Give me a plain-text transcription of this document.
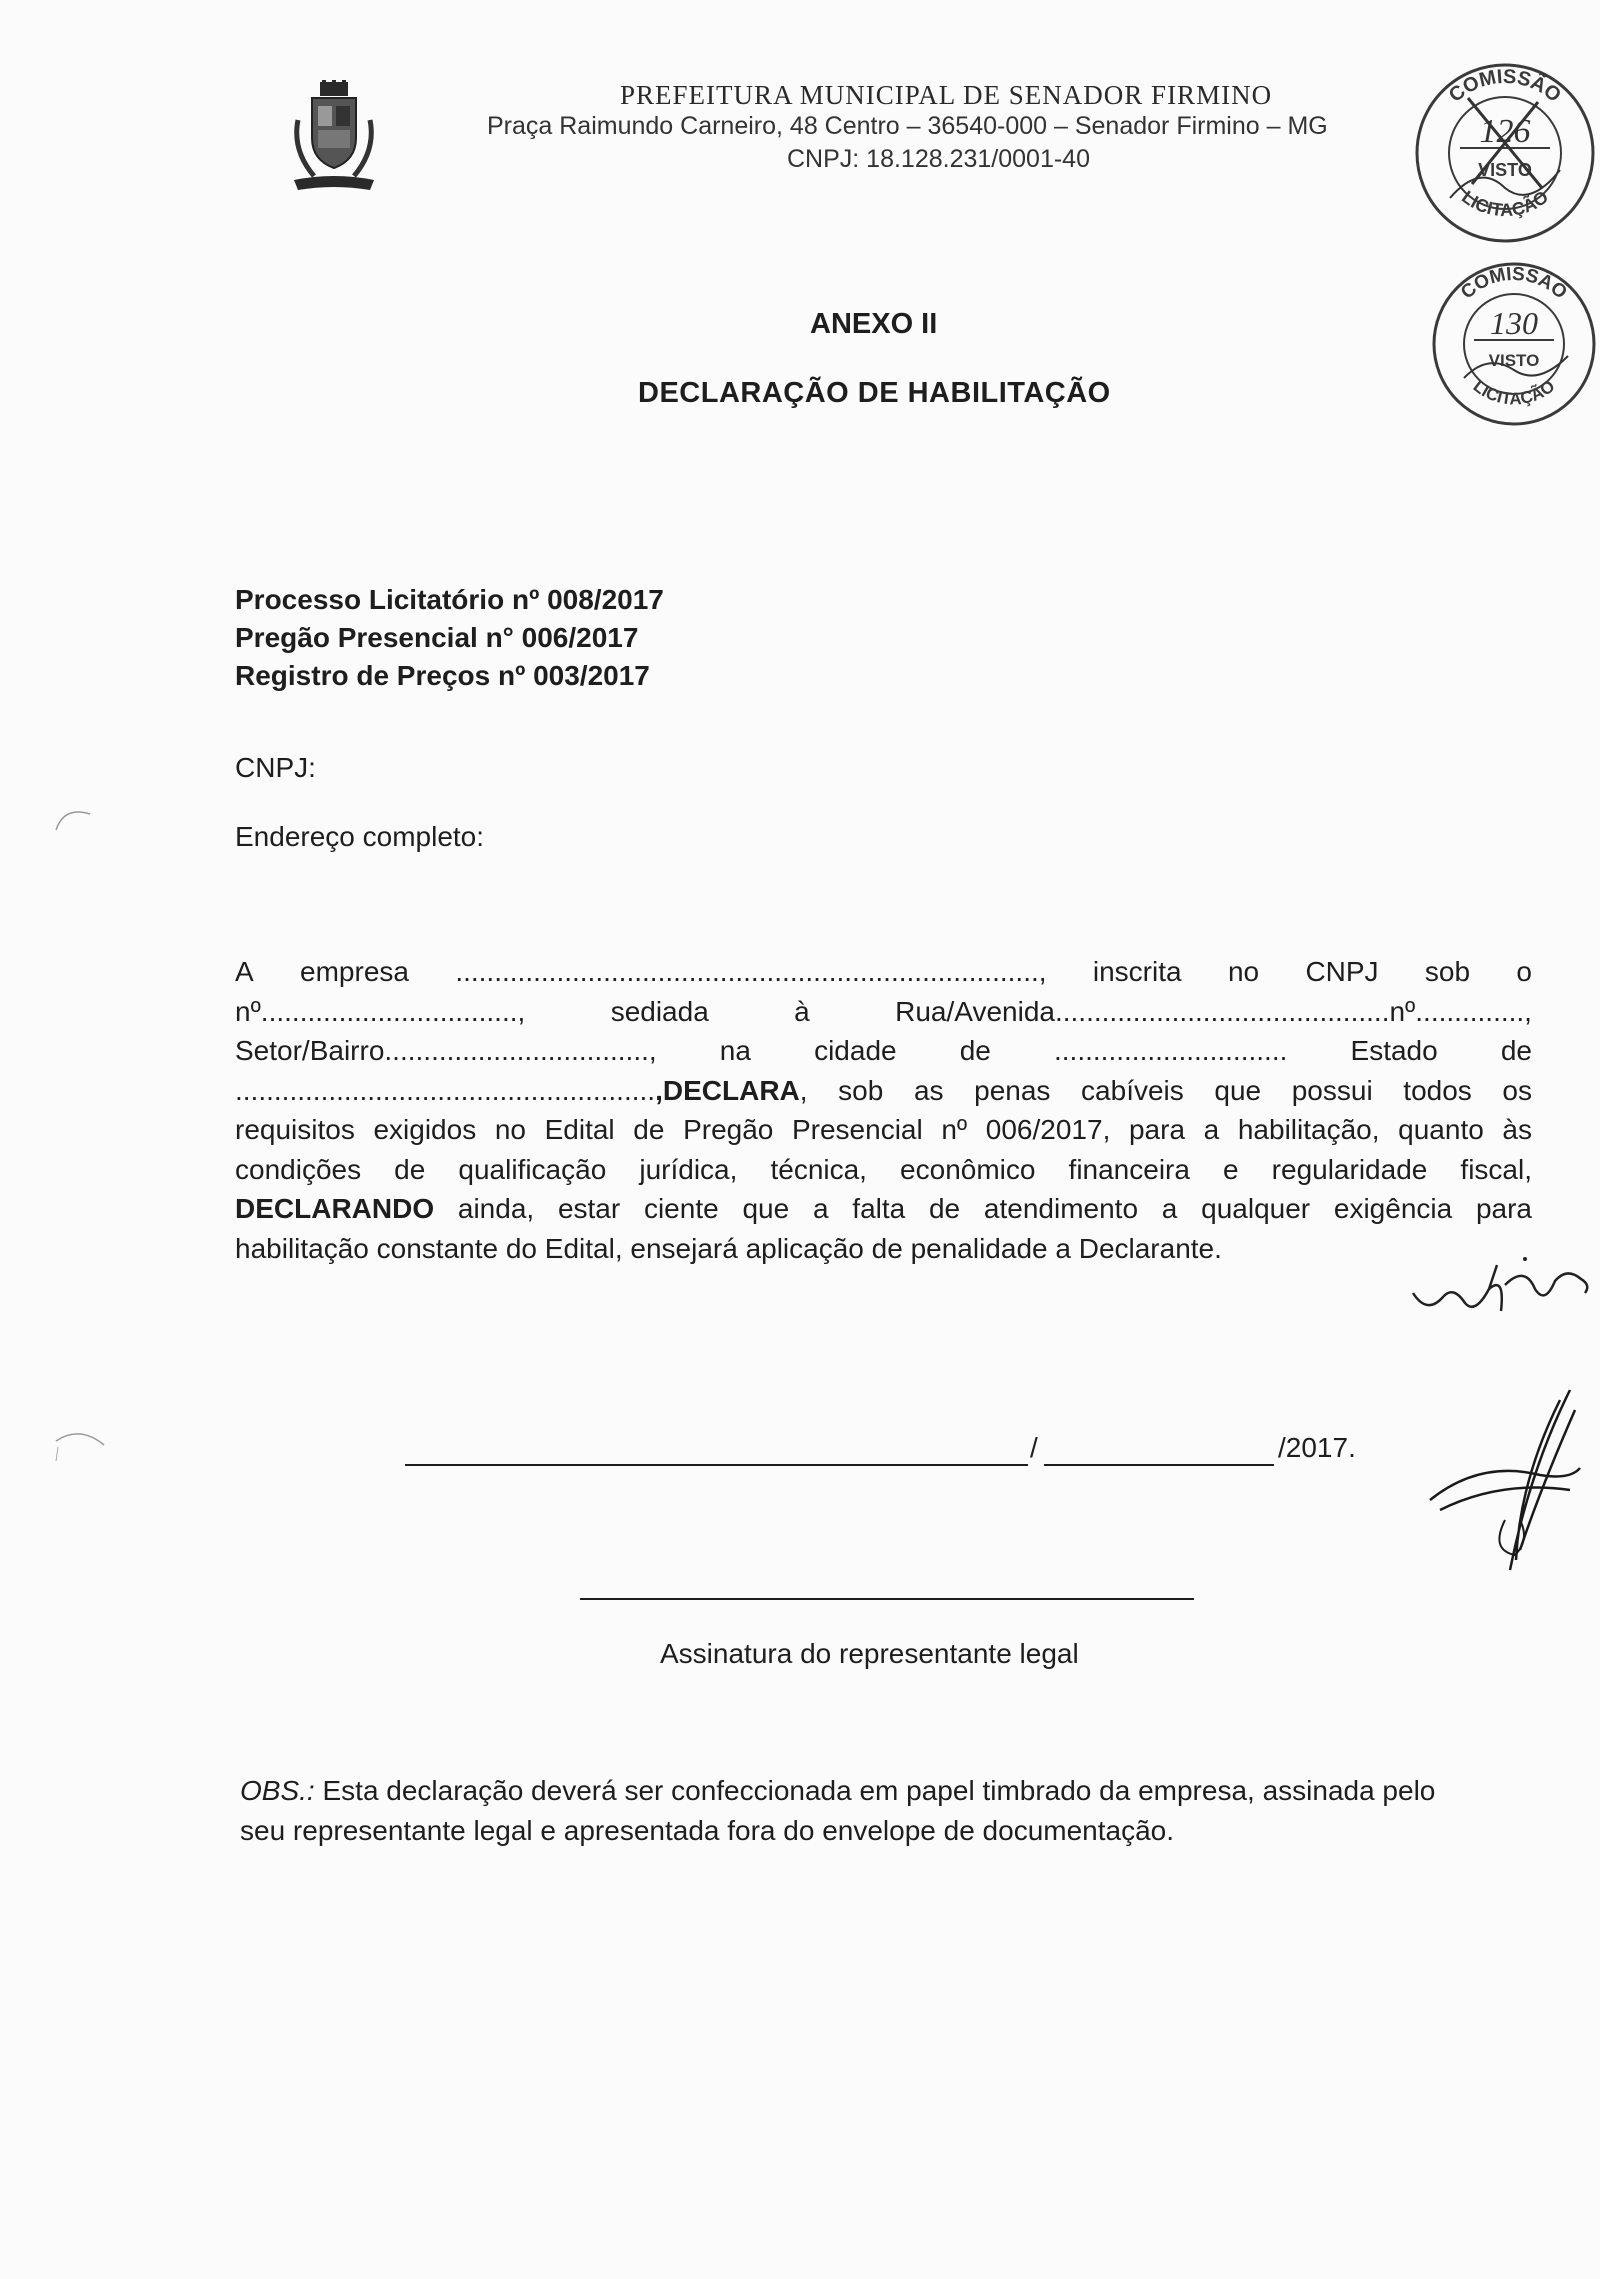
PREFEITURA MUNICIPAL DE SENADOR FIRMINO
Praça Raimundo Carneiro, 48 Centro – 36540-000 – Senador Firmino – MG
CNPJ: 18.128.231/0001-40
COMISSÃO
LICITAÇÃO
126
VISTO
COMISSÃO
LICITAÇÃO
130
VISTO
ANEXO II
DECLARAÇÃO DE HABILITAÇÃO
Processo Licitatório nº 008/2017
Pregão Presencial n° 006/2017
Registro de Preços nº 003/2017
CNPJ:
Endereço completo:
A empresa ..........................................................................., inscrita no CNPJ sob o
nº.................................,	sediada	à	Rua/Avenida...........................................nº..............,
Setor/Bairro.................................., na cidade de .............................. Estado de
......................................................,DECLARA, sob as penas cabíveis que possui todos os
requisitos exigidos no Edital de Pregão Presencial nº 006/2017, para a habilitação, quanto às
condições de qualificação jurídica, técnica, econômico financeira e regularidade fiscal,
DECLARANDO ainda, estar ciente que a falta de atendimento a qualquer exigência para
habilitação constante do Edital, ensejará aplicação de penalidade a Declarante.
/	/2017.
Assinatura do representante legal
OBS.: Esta declaração deverá ser confeccionada em papel timbrado da empresa, assinada pelo seu representante legal e apresentada fora do envelope de documentação.
